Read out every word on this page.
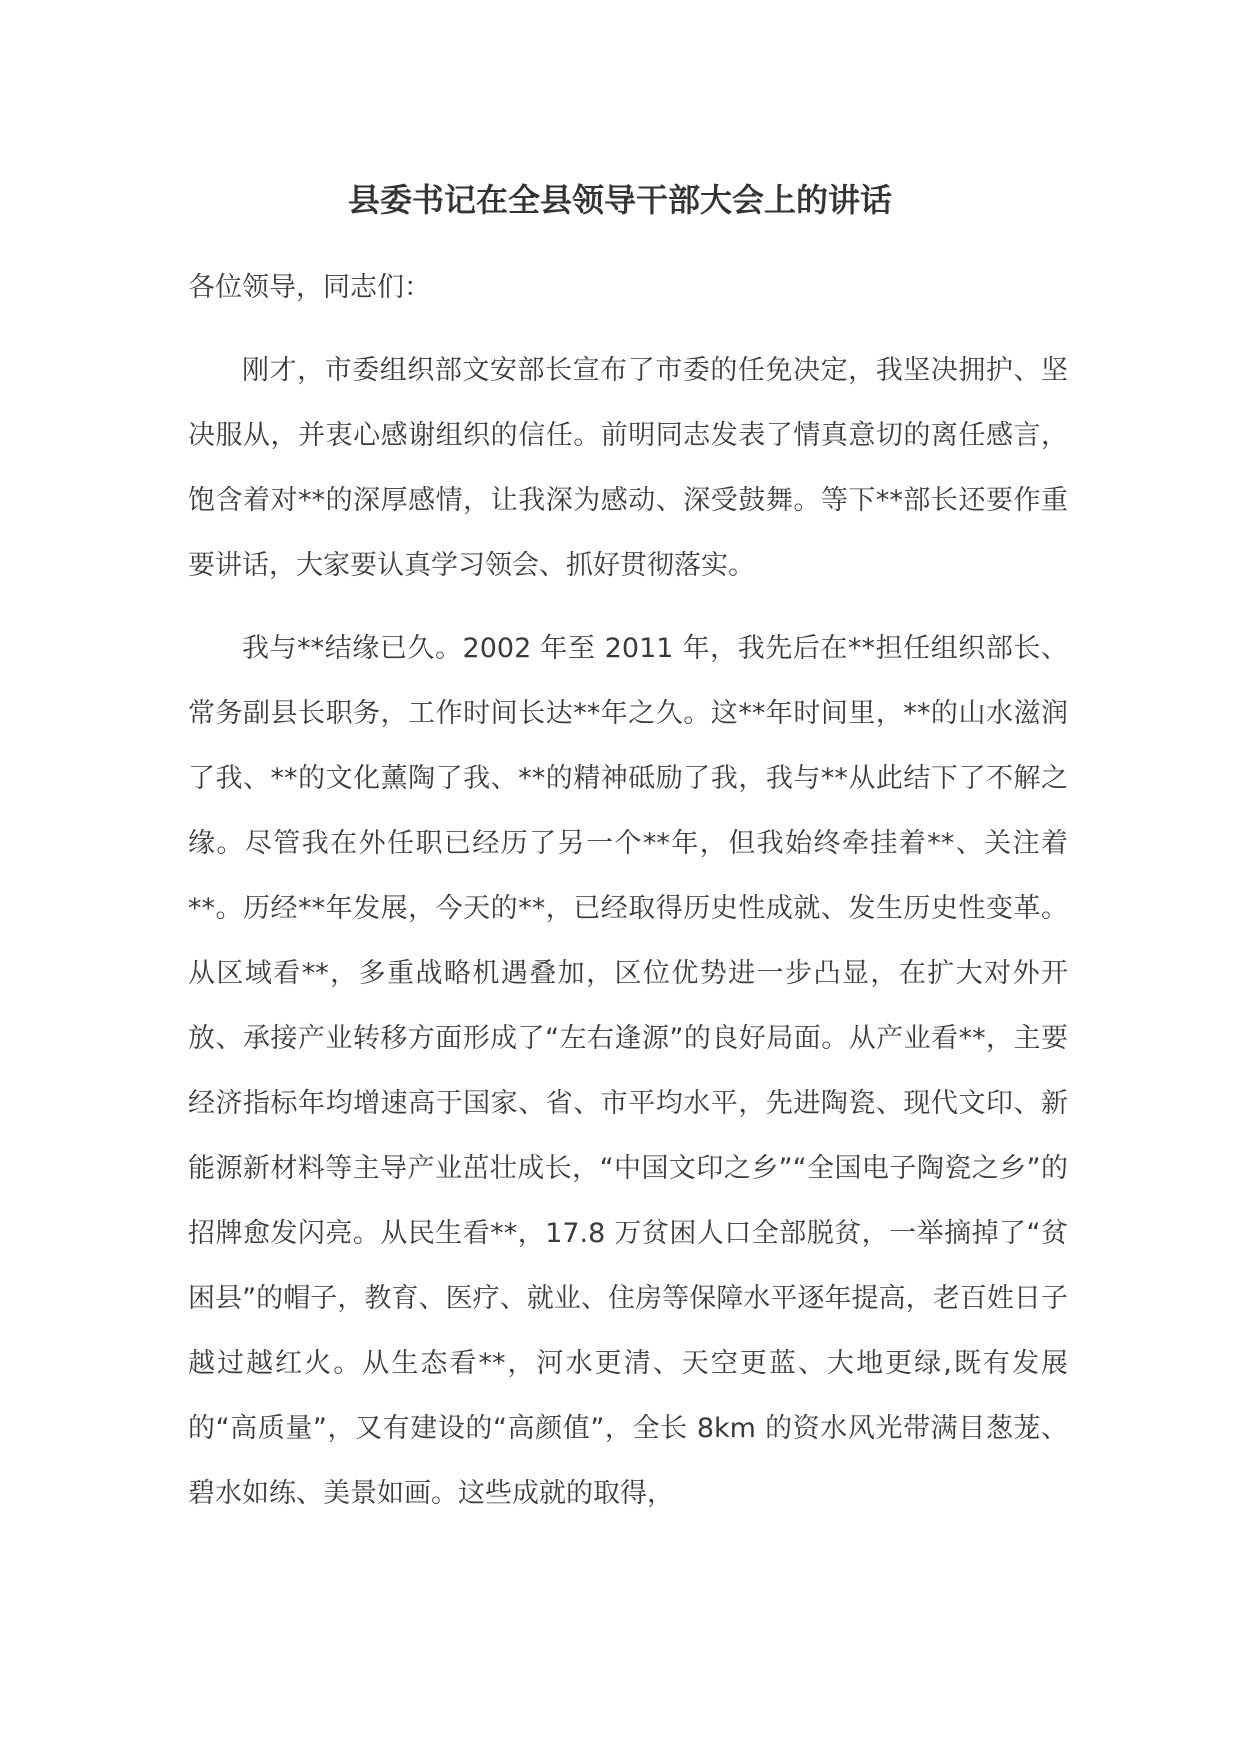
县委书记在全县领导干部大会上的讲话

各位领导，同志们：

刚才，市委组织部文安部长宣布了市委的任免决定，我坚决拥护、坚决服从，并衷心感谢组织的信任。前明同志发表了情真意切的离任感言，饱含着对**的深厚感情，让我深为感动、深受鼓舞。等下**部长还要作重要讲话，大家要认真学习领会、抓好贯彻落实。

我与**结缘已久。2002 年至 2011 年，我先后在**担任组织部长、常务副县长职务，工作时间长达**年之久。这**年时间里，**的山水滋润了我、**的文化薰陶了我、**的精神砥励了我，我与**从此结下了不解之缘。尽管我在外任职已经历了另一个**年，但我始终牵挂着**、关注着**。历经**年发展，今天的**，已经取得历史性成就、发生历史性变革。从区域看**，多重战略机遇叠加，区位优势进一步凸显，在扩大对外开放、承接产业转移方面形成了“左右逢源”的良好局面。从产业看**，主要经济指标年均增速高于国家、省、市平均水平，先进陶瓷、现代文印、新能源新材料等主导产业茁壮成长，“中国文印之乡”“全国电子陶瓷之乡”的招牌愈发闪亮。从民生看**，17.8 万贫困人口全部脱贫，一举摘掉了“贫困县”的帽子，教育、医疗、就业、住房等保障水平逐年提高，老百姓日子越过越红火。从生态看**，河水更清、天空更蓝、大地更绿,既有发展的“高质量”，又有建设的“高颜值”，全长 8km 的资水风光带满目葱茏、碧水如练、美景如画。这些成就的取得，
